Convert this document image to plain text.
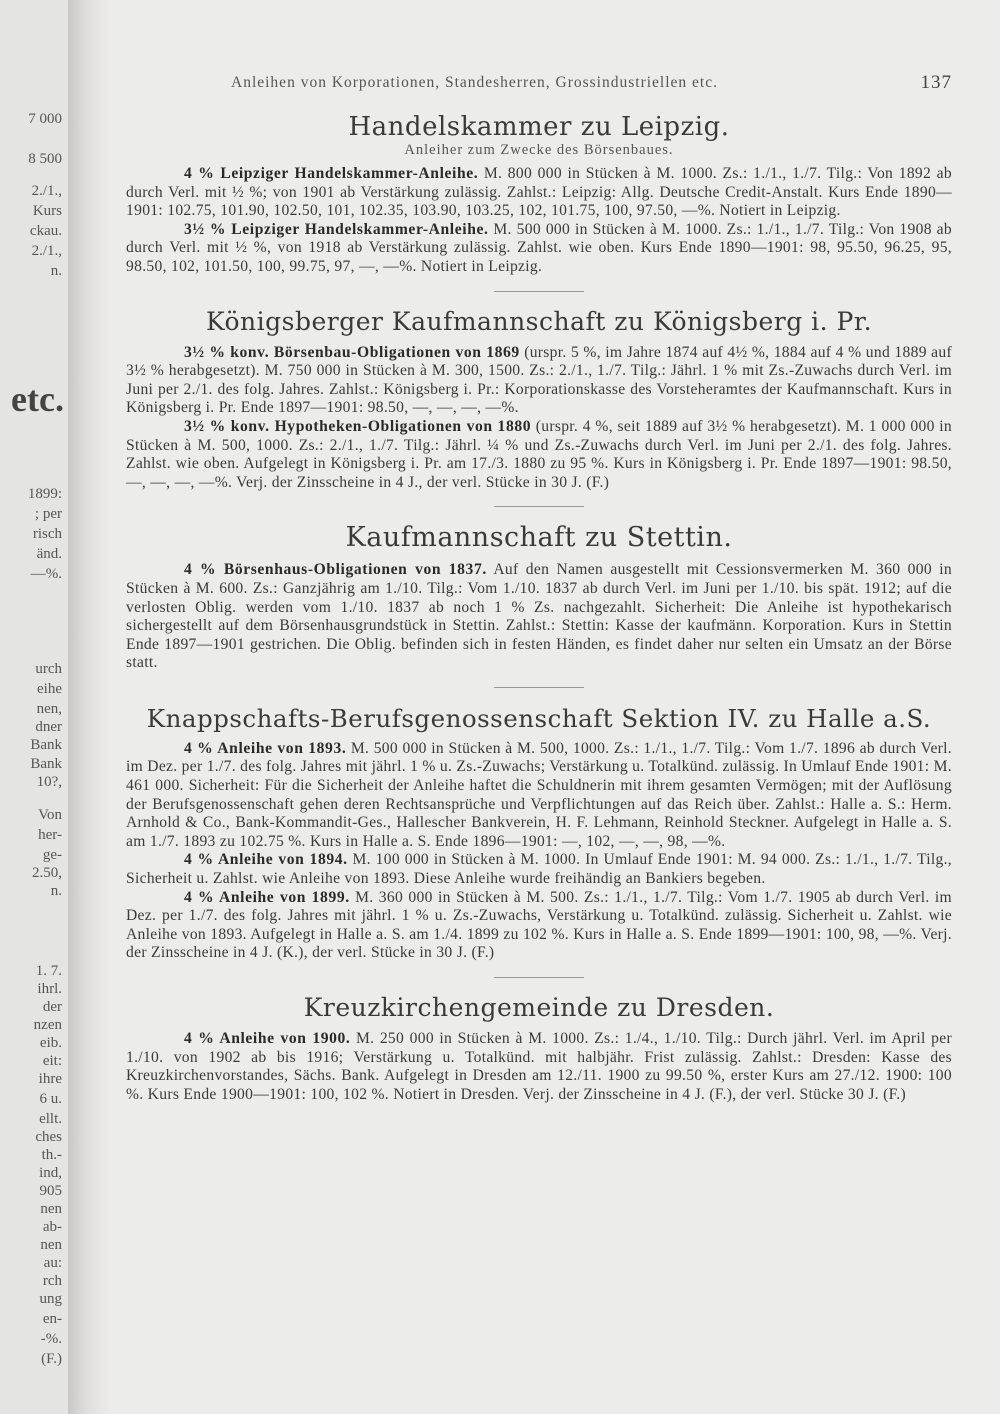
7 000
8 500
2./1.,
Kurs
ckau.
2./1.,
n.
etc.
1899:
; per
risch
änd.
—%.
urch
eihe
nen,
dner
Bank
Bank
10?,
Von
her-
ge-
2.50,
n.
1. 7.
ihrl.
der
nzen
eib.
eit:
ihre
6 u.
ellt.
ches
th.-
ind,
905
nen
ab-
nen
au:
rch
ung
en-
-%.
(F.)
Anleihen von Korporationen, Standesherren, Grossindustriellen etc.	137
Handelskammer zu Leipzig.
Anleiher zum Zwecke des Börsenbaues.

4 % Leipziger Handelskammer-Anleihe. M. 800 000 in Stücken à M. 1000. Zs.: 1./1., 1./7. Tilg.: Von 1892 ab durch Verl. mit ½ %; von 1901 ab Verstärkung zulässig. Zahlst.: Leipzig: Allg. Deutsche Credit-Anstalt. Kurs Ende 1890—1901: 102.75, 101.90, 102.50, 101, 102.35, 103.90, 103.25, 102, 101.75, 100, 97.50, —%. Notiert in Leipzig.

3½ % Leipziger Handelskammer-Anleihe. M. 500 000 in Stücken à M. 1000. Zs.: 1./1., 1./7. Tilg.: Von 1908 ab durch Verl. mit ½ %, von 1918 ab Verstärkung zulässig. Zahlst. wie oben. Kurs Ende 1890—1901: 98, 95.50, 96.25, 95, 98.50, 102, 101.50, 100, 99.75, 97, —, —%. Notiert in Leipzig.

Königsberger Kaufmannschaft zu Königsberg i. Pr.

3½ % konv. Börsenbau-Obligationen von 1869 (urspr. 5 %, im Jahre 1874 auf 4½ %, 1884 auf 4 % und 1889 auf 3½ % herabgesetzt). M. 750 000 in Stücken à M. 300, 1500. Zs.: 2./1., 1./7. Tilg.: Jährl. 1 % mit Zs.-Zuwachs durch Verl. im Juni per 2./1. des folg. Jahres. Zahlst.: Königsberg i. Pr.: Korporationskasse des Vorsteheramtes der Kaufmannschaft. Kurs in Königsberg i. Pr. Ende 1897—1901: 98.50, —, —, —, —%.

3½ % konv. Hypotheken-Obligationen von 1880 (urspr. 4 %, seit 1889 auf 3½ % herabgesetzt). M. 1 000 000 in Stücken à M. 500, 1000. Zs.: 2./1., 1./7. Tilg.: Jährl. ¼ % und Zs.-Zuwachs durch Verl. im Juni per 2./1. des folg. Jahres. Zahlst. wie oben. Aufgelegt in Königsberg i. Pr. am 17./3. 1880 zu 95 %. Kurs in Königsberg i. Pr. Ende 1897—1901: 98.50, —, —, —, —%. Verj. der Zinsscheine in 4 J., der verl. Stücke in 30 J. (F.)

Kaufmannschaft zu Stettin.

4 % Börsenhaus-Obligationen von 1837. Auf den Namen ausgestellt mit Cessionsvermerken M. 360 000 in Stücken à M. 600. Zs.: Ganzjährig am 1./10. Tilg.: Vom 1./10. 1837 ab durch Verl. im Juni per 1./10. bis spät. 1912; auf die verlosten Oblig. werden vom 1./10. 1837 ab noch 1 % Zs. nachgezahlt. Sicherheit: Die Anleihe ist hypothekarisch sichergestellt auf dem Börsenhausgrundstück in Stettin. Zahlst.: Stettin: Kasse der kaufmänn. Korporation. Kurs in Stettin Ende 1897—1901 gestrichen. Die Oblig. befinden sich in festen Händen, es findet daher nur selten ein Umsatz an der Börse statt.

Knappschafts-Berufsgenossenschaft Sektion IV. zu Halle a.S.

4 % Anleihe von 1893. M. 500 000 in Stücken à M. 500, 1000. Zs.: 1./1., 1./7. Tilg.: Vom 1./7. 1896 ab durch Verl. im Dez. per 1./7. des folg. Jahres mit jährl. 1 % u. Zs.-Zuwachs; Verstärkung u. Totalkünd. zulässig. In Umlauf Ende 1901: M. 461 000. Sicherheit: Für die Sicherheit der Anleihe haftet die Schuldnerin mit ihrem gesamten Vermögen; mit der Auflösung der Berufsgenossenschaft gehen deren Rechtsansprüche und Verpflichtungen auf das Reich über. Zahlst.: Halle a. S.: Herm. Arnhold & Co., Bank-Kommandit-Ges., Hallescher Bankverein, H. F. Lehmann, Reinhold Steckner. Aufgelegt in Halle a. S. am 1./7. 1893 zu 102.75 %. Kurs in Halle a. S. Ende 1896—1901: —, 102, —, —, 98, —%.

4 % Anleihe von 1894. M. 100 000 in Stücken à M. 1000. In Umlauf Ende 1901: M. 94 000. Zs.: 1./1., 1./7. Tilg., Sicherheit u. Zahlst. wie Anleihe von 1893. Diese Anleihe wurde freihändig an Bankiers begeben.

4 % Anleihe von 1899. M. 360 000 in Stücken à M. 500. Zs.: 1./1., 1./7. Tilg.: Vom 1./7. 1905 ab durch Verl. im Dez. per 1./7. des folg. Jahres mit jährl. 1 % u. Zs.-Zuwachs, Verstärkung u. Totalkünd. zulässig. Sicherheit u. Zahlst. wie Anleihe von 1893. Aufgelegt in Halle a. S. am 1./4. 1899 zu 102 %. Kurs in Halle a. S. Ende 1899—1901: 100, 98, —%. Verj. der Zinsscheine in 4 J. (K.), der verl. Stücke in 30 J. (F.)

Kreuzkirchengemeinde zu Dresden.

4 % Anleihe von 1900. M. 250 000 in Stücken à M. 1000. Zs.: 1./4., 1./10. Tilg.: Durch jährl. Verl. im April per 1./10. von 1902 ab bis 1916; Verstärkung u. Totalkünd. mit halbjähr. Frist zulässig. Zahlst.: Dresden: Kasse des Kreuzkirchenvorstandes, Sächs. Bank. Aufgelegt in Dresden am 12./11. 1900 zu 99.50 %, erster Kurs am 27./12. 1900: 100 %. Kurs Ende 1900—1901: 100, 102 %. Notiert in Dresden. Verj. der Zinsscheine in 4 J. (F.), der verl. Stücke 30 J. (F.)
